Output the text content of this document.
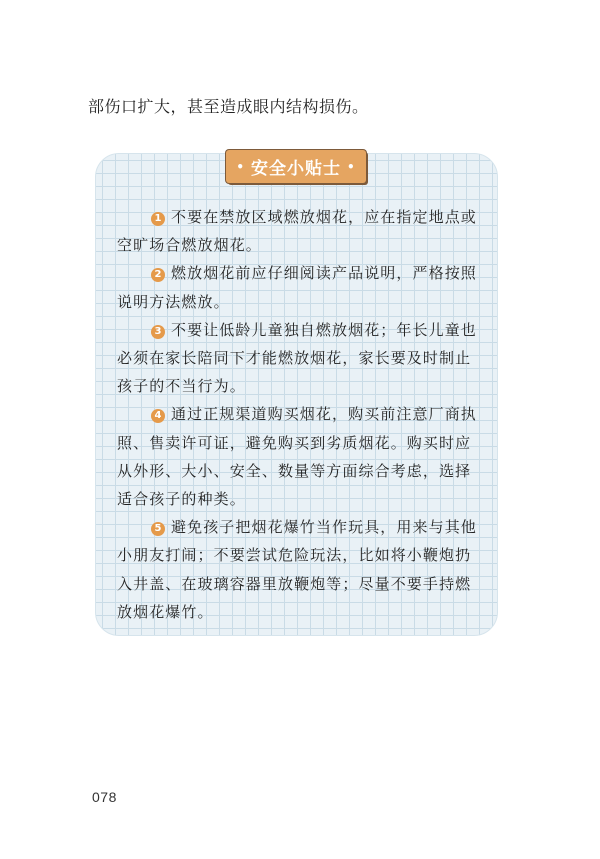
部伤口扩大，甚至造成眼内结构损伤。
• 安全小贴士 •

1 不要在禁放区域燃放烟花，应在指定地点或空旷场合燃放烟花。

2 燃放烟花前应仔细阅读产品说明，严格按照说明方法燃放。

3 不要让低龄儿童独自燃放烟花；年长儿童也必须在家长陪同下才能燃放烟花，家长要及时制止孩子的不当行为。

4 通过正规渠道购买烟花，购买前注意厂商执照、售卖许可证，避免购买到劣质烟花。购买时应从外形、大小、安全、数量等方面综合考虑，选择适合孩子的种类。

5 避免孩子把烟花爆竹当作玩具，用来与其他小朋友打闹；不要尝试危险玩法，比如将小鞭炮扔入井盖、在玻璃容器里放鞭炮等；尽量不要手持燃放烟花爆竹。

078
